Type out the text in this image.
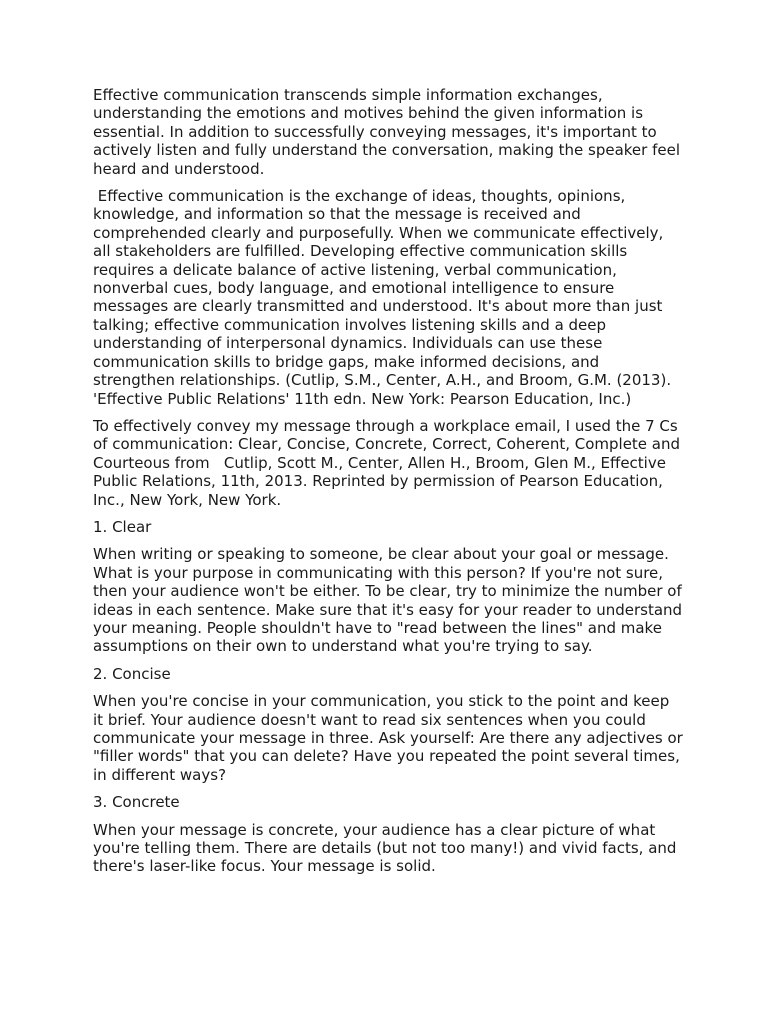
Effective communication transcends simple information exchanges, understanding the emotions and motives behind the given information is essential. In addition to successfully conveying messages, it's important to actively listen and fully understand the conversation, making the speaker feel heard and understood.

Effective communication is the exchange of ideas, thoughts, opinions, knowledge, and information so that the message is received and comprehended clearly and purposefully. When we communicate effectively, all stakeholders are fulfilled. Developing effective communication skills requires a delicate balance of active listening, verbal communication, nonverbal cues, body language, and emotional intelligence to ensure messages are clearly transmitted and understood. It's about more than just talking; effective communication involves listening skills and a deep understanding of interpersonal dynamics. Individuals can use these communication skills to bridge gaps, make informed decisions, and strengthen relationships. (Cutlip, S.M., Center, A.H., and Broom, G.M. (2013). 'Effective Public Relations' 11th edn. New York: Pearson Education, Inc.)

To effectively convey my message through a workplace email, I used the 7 Cs of communication: Clear, Concise, Concrete, Correct, Coherent, Complete and Courteous from   Cutlip, Scott M., Center, Allen H., Broom, Glen M., Effective Public Relations, 11th, 2013. Reprinted by permission of Pearson Education, Inc., New York, New York.

1. Clear

When writing or speaking to someone, be clear about your goal or message. What is your purpose in communicating with this person? If you're not sure, then your audience won't be either. To be clear, try to minimize the number of ideas in each sentence. Make sure that it's easy for your reader to understand your meaning. People shouldn't have to "read between the lines" and make assumptions on their own to understand what you're trying to say.

2. Concise

When you're concise in your communication, you stick to the point and keep it brief. Your audience doesn't want to read six sentences when you could communicate your message in three. Ask yourself: Are there any adjectives or "filler words" that you can delete? Have you repeated the point several times, in different ways?

3. Concrete

When your message is concrete, your audience has a clear picture of what you're telling them. There are details (but not too many!) and vivid facts, and there's laser-like focus. Your message is solid.
